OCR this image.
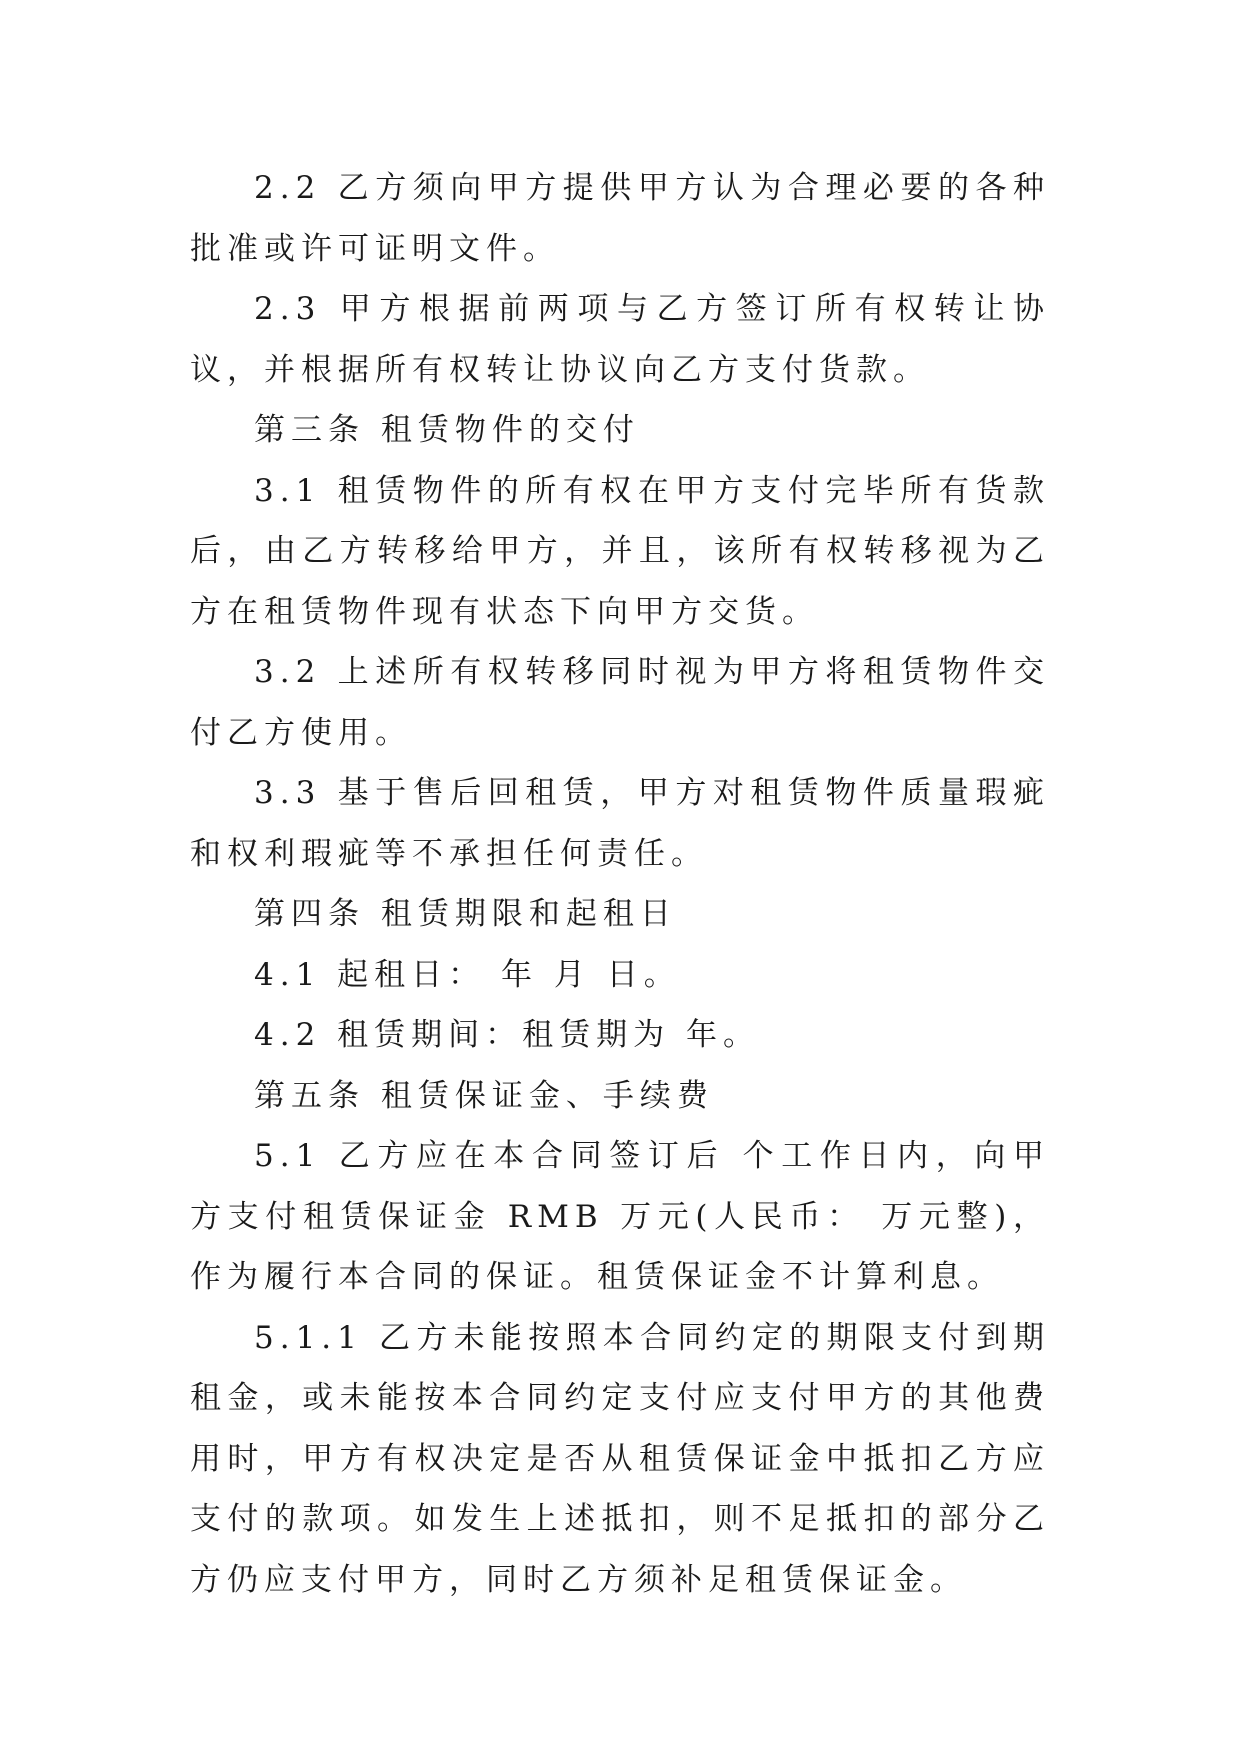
2.2 乙方须向甲方提供甲方认为合理必要的各种批准或许可证明文件。

2.3 甲方根据前两项与乙方签订所有权转让协议，并根据所有权转让协议向乙方支付货款。

第三条 租赁物件的交付

3.1 租赁物件的所有权在甲方支付完毕所有货款后，由乙方转移给甲方，并且，该所有权转移视为乙方在租赁物件现有状态下向甲方交货。

3.2 上述所有权转移同时视为甲方将租赁物件交付乙方使用。

3.3 基于售后回租赁，甲方对租赁物件质量瑕疵和权利瑕疵等不承担任何责任。

第四条 租赁期限和起租日

4.1 起租日： 年 月 日。

4.2 租赁期间：租赁期为 年。

第五条 租赁保证金、手续费

5.1 乙方应在本合同签订后 个工作日内，向甲方支付租赁保证金 RMB 万元(人民币： 万元整)，作为履行本合同的保证。租赁保证金不计算利息。

5.1.1 乙方未能按照本合同约定的期限支付到期租金，或未能按本合同约定支付应支付甲方的其他费用时，甲方有权决定是否从租赁保证金中抵扣乙方应支付的款项。如发生上述抵扣，则不足抵扣的部分乙方仍应支付甲方，同时乙方须补足租赁保证金。
